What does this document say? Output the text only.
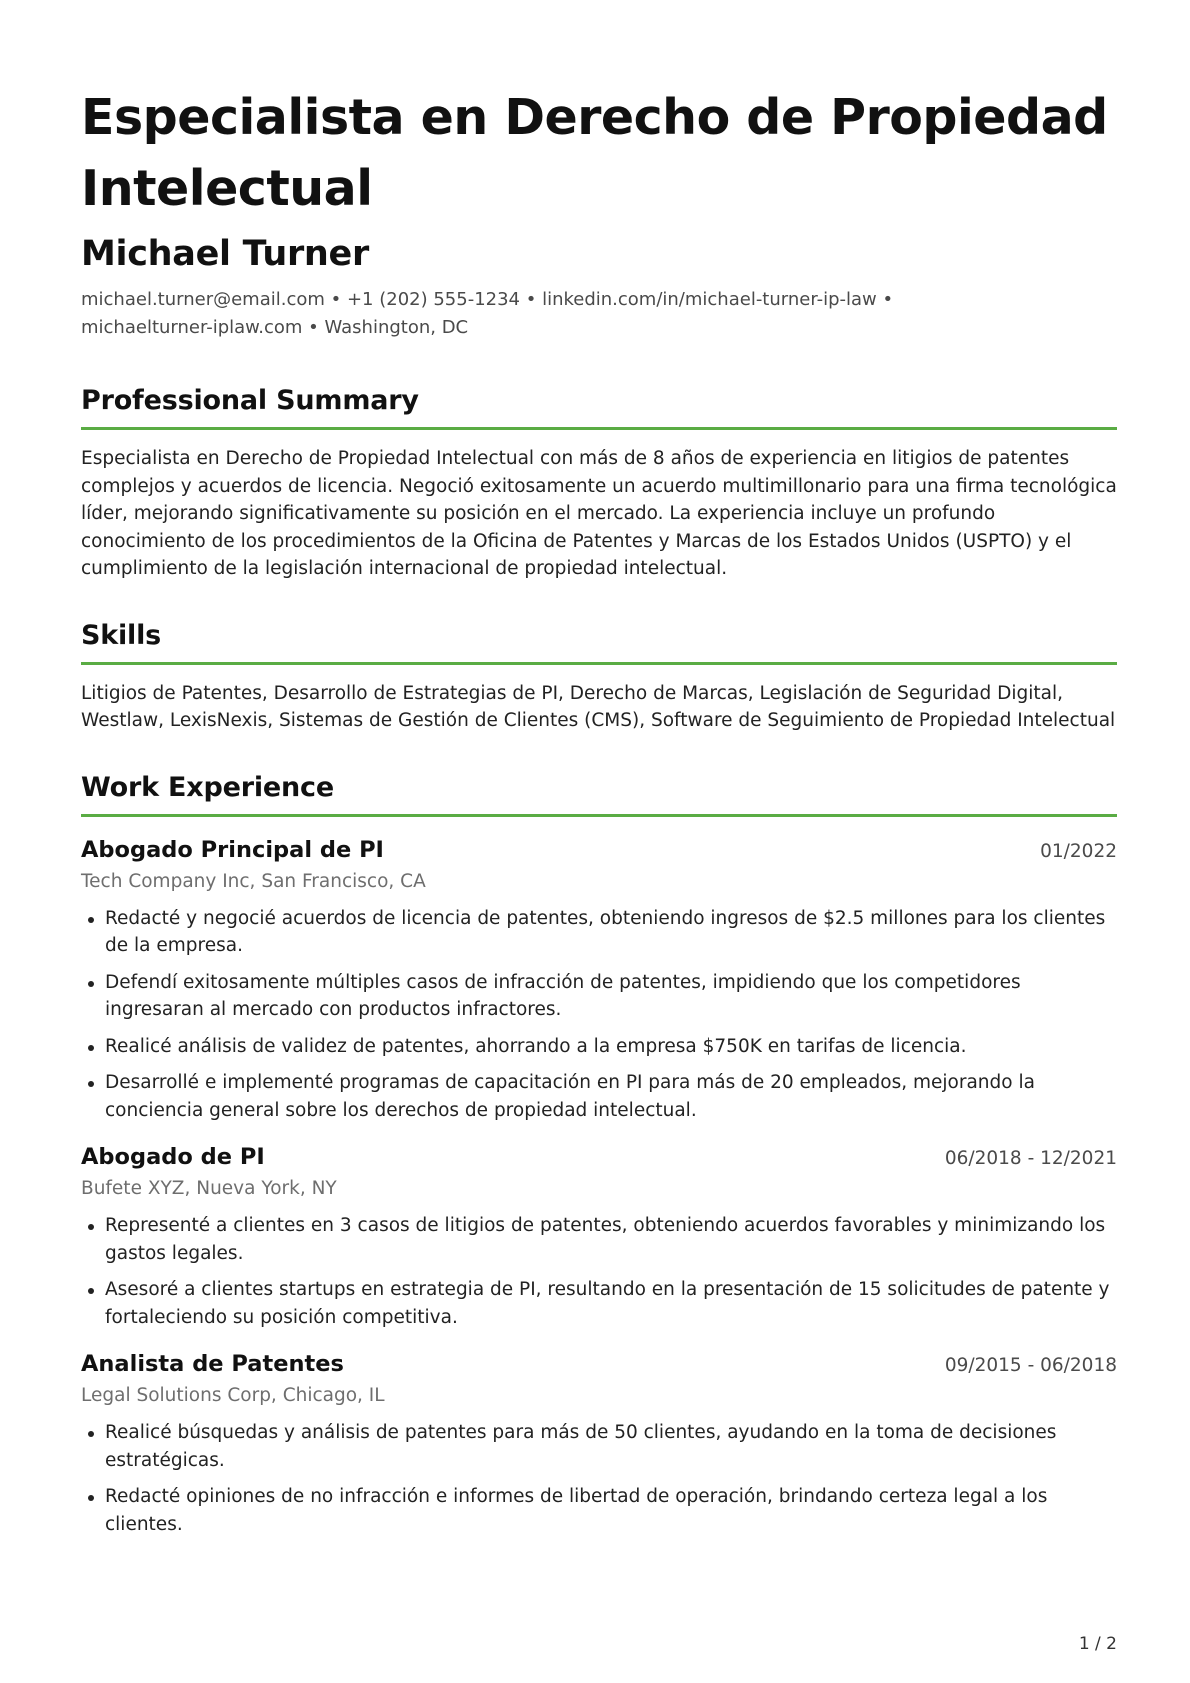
Especialista en Derecho de Propiedad Intelectual
Michael Turner
michael.turner@email.com • +1 (202) 555-1234 • linkedin.com/in/michael-turner-ip-law •
michaelturner-iplaw.com • Washington, DC
Professional Summary
Especialista en Derecho de Propiedad Intelectual con más de 8 años de experiencia en litigios de patentes complejos y acuerdos de licencia. Negoció exitosamente un acuerdo multimillonario para una firma tecnológica líder, mejorando significativamente su posición en el mercado. La experiencia incluye un profundo conocimiento de los procedimientos de la Oficina de Patentes y Marcas de los Estados Unidos (USPTO) y el cumplimiento de la legislación internacional de propiedad intelectual.
Skills
Litigios de Patentes, Desarrollo de Estrategias de PI, Derecho de Marcas, Legislación de Seguridad Digital, Westlaw, LexisNexis, Sistemas de Gestión de Clientes (CMS), Software de Seguimiento de Propiedad Intelectual
Work Experience
Abogado Principal de PI	01/2022
Tech Company Inc, San Francisco, CA
Redacté y negocié acuerdos de licencia de patentes, obteniendo ingresos de $2.5 millones para los clientes de la empresa.
Defendí exitosamente múltiples casos de infracción de patentes, impidiendo que los competidores ingresaran al mercado con productos infractores.
Realicé análisis de validez de patentes, ahorrando a la empresa $750K en tarifas de licencia.
Desarrollé e implementé programas de capacitación en PI para más de 20 empleados, mejorando la conciencia general sobre los derechos de propiedad intelectual.
Abogado de PI	06/2018 - 12/2021
Bufete XYZ, Nueva York, NY
Representé a clientes en 3 casos de litigios de patentes, obteniendo acuerdos favorables y minimizando los gastos legales.
Asesoré a clientes startups en estrategia de PI, resultando en la presentación de 15 solicitudes de patente y fortaleciendo su posición competitiva.
Analista de Patentes	09/2015 - 06/2018
Legal Solutions Corp, Chicago, IL
Realicé búsquedas y análisis de patentes para más de 50 clientes, ayudando en la toma de decisiones estratégicas.
Redacté opiniones de no infracción e informes de libertad de operación, brindando certeza legal a los clientes.
1 / 2
